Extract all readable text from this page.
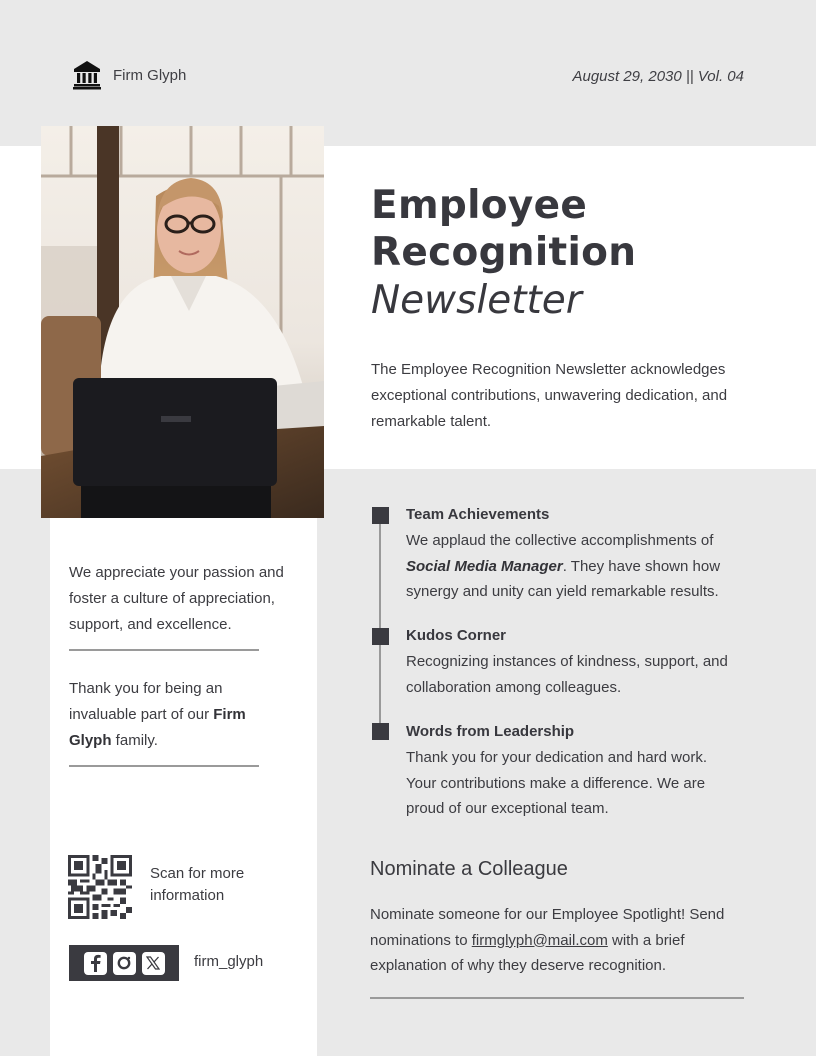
Firm Glyph	August 29, 2030 || Vol. 04
Employee
Recognition
Newsletter

The Employee Recognition Newsletter acknowledges exceptional contributions, unwavering dedication, and remarkable talent.

We appreciate your passion and foster a culture of appreciation, support, and excellence.

Thank you for being an invaluable part of our Firm Glyph family.

Scan for more information

firm_glyph
Team Achievements

We applaud the collective accomplishments of Social Media Manager. They have shown how synergy and unity can yield remarkable results.

Kudos Corner

Recognizing instances of kindness, support, and collaboration among colleagues.

Words from Leadership

Thank you for your dedication and hard work. Your contributions make a difference. We are proud of our exceptional team.

Nominate a Colleague

Nominate someone for our Employee Spotlight! Send nominations to firmglyph@mail.com with a brief explanation of why they deserve recognition.
